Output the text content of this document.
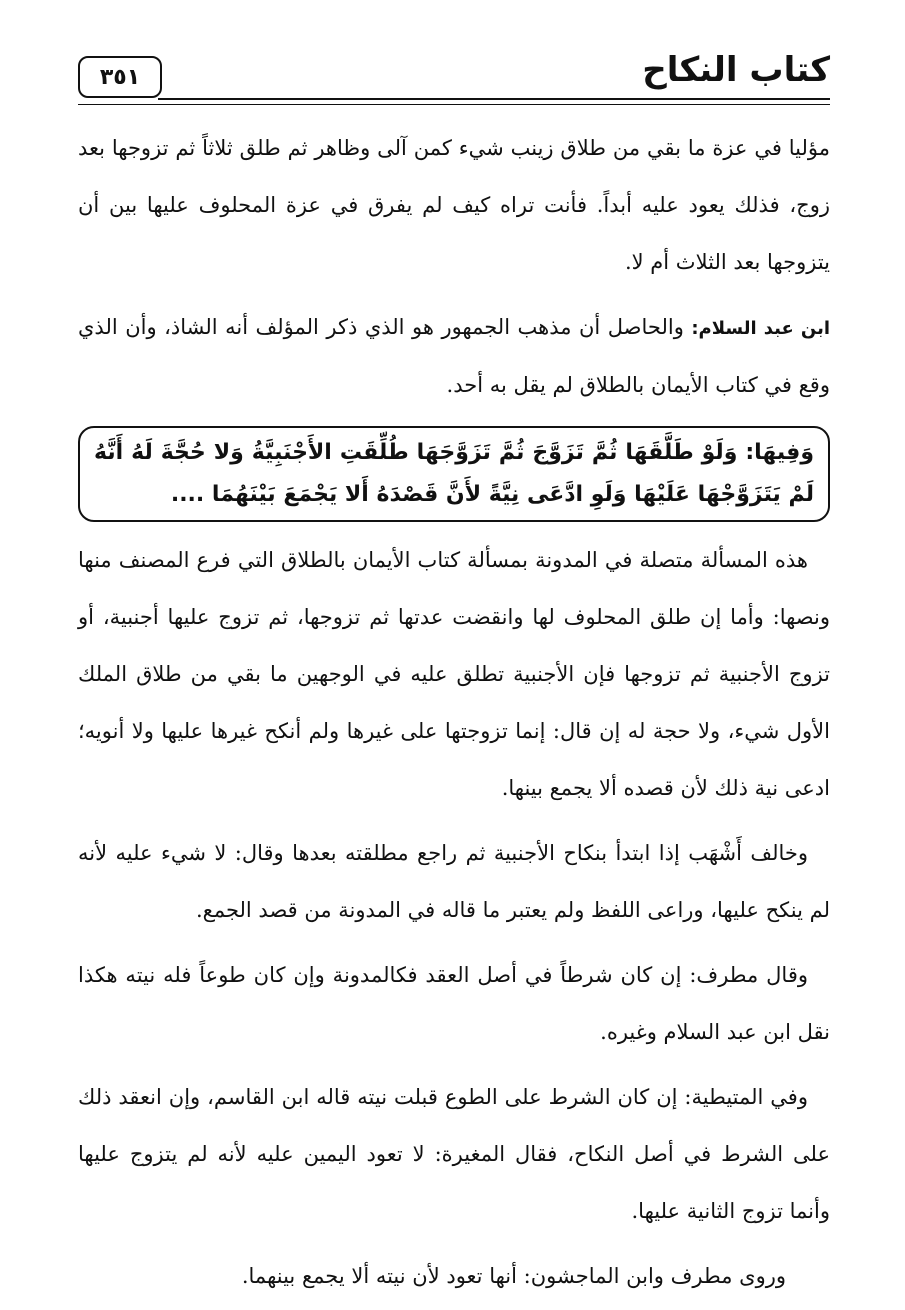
كتاب النكاح
٣٥١

مؤليا في عزة ما بقي من طلاق زينب شيء كمن آلى وظاهر ثم طلق ثلاثاً ثم تزوجها بعد زوج، فذلك يعود عليه أبداً. فأنت تراه كيف لم يفرق في عزة المحلوف عليها بين أن يتزوجها بعد الثلاث أم لا.

ابن عبد السلام: والحاصل أن مذهب الجمهور هو الذي ذكر المؤلف أنه الشاذ، وأن الذي وقع في كتاب الأيمان بالطلاق لم يقل به أحد.

وَفِيهَا: وَلَوْ طَلَّقَهَا ثُمَّ تَزَوَّجَ ثُمَّ تَزَوَّجَهَا طُلِّقَتِ الأَجْنَبِيَّةُ وَلا حُجَّةَ لَهُ أَنَّهُ لَمْ يَتَزَوَّجْهَا عَلَيْهَا وَلَوِ ادَّعَى نِيَّةً لأَنَّ قَصْدَهُ أَلا يَجْمَعَ بَيْنَهُمَا ....

هذه المسألة متصلة في المدونة بمسألة كتاب الأيمان بالطلاق التي فرع المصنف منها ونصها: وأما إن طلق المحلوف لها وانقضت عدتها ثم تزوجها، ثم تزوج عليها أجنبية، أو تزوج الأجنبية ثم تزوجها فإن الأجنبية تطلق عليه في الوجهين ما بقي من طلاق الملك الأول شيء، ولا حجة له إن قال: إنما تزوجتها على غيرها ولم أنكح غيرها عليها ولا أنويه؛ ادعى نية ذلك لأن قصده ألا يجمع بينها.

وخالف أَشْهَب إذا ابتدأ بنكاح الأجنبية ثم راجع مطلقته بعدها وقال: لا شيء عليه لأنه لم ينكح عليها، وراعى اللفظ ولم يعتبر ما قاله في المدونة من قصد الجمع.

وقال مطرف: إن كان شرطاً في أصل العقد فكالمدونة وإن كان طوعاً فله نيته هكذا نقل ابن عبد السلام وغيره.

وفي المتيطية: إن كان الشرط على الطوع قبلت نيته قاله ابن القاسم، وإن انعقد ذلك على الشرط في أصل النكاح، فقال المغيرة: لا تعود اليمين عليه لأنه لم يتزوج عليها وأنما تزوج الثانية عليها.

وروى مطرف وابن الماجشون: أنها تعود لأن نيته ألا يجمع بينهما.
